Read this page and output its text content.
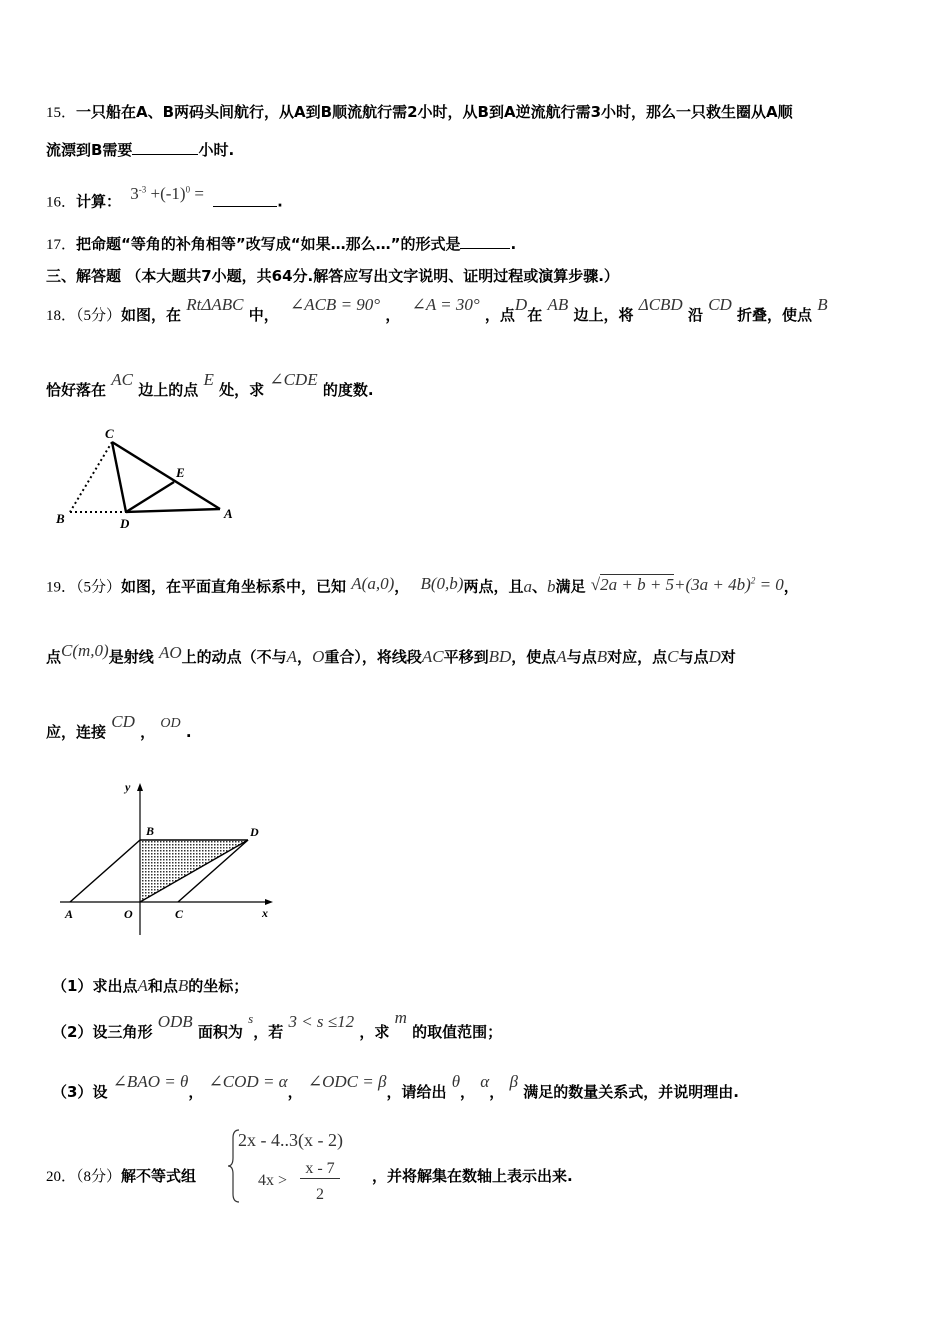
15．一只船在A、B两码头间航行，从A到B顺流航行需2小时，从B到A逆流航行需3小时，那么一只救生圈从A顺
流漂到B需要	小时.
16．计算： $3^{-3} +(-1)^0$ =	.
17．把命题“等角的补角相等”改写成“如果…那么…”的形式是	.
三、解答题 （本大题共7小题，共64分.解答应写出文字说明、证明过程或演算步骤.）
18．（5分）如图，在 RtΔABC 中， ∠ACB = 90° ， ∠A = 30° ，点D在 AB 边上，将 ΔCBD 沿 CD 折叠，使点 B
恰好落在 AC 边上的点 E 处，求 ∠CDE 的度数.
C
E
B	D
A
19．（5分）如图，在平面直角坐标系中，已知 A(a,0)， B(0,b)两点，且a、b满足 $√2a + b + 5+(3a + 4b)^2 = 0$，
点C(m,0)是射线 AO上的动点（不与A，O重合），将线段AC平移到BD，使点A与点B对应，点C与点D对
应，连接 CD ， OD .
y
x
B	D
A	O	C
（1）求出点A和点B的坐标；
（2）设三角形 ODB 面积为 s，若 3 < s ≤12 ，求 m 的取值范围；
（3）设 ∠BAO = θ， ∠COD = α， ∠ODC = β，请给出 θ， α， β 满足的数量关系式，并说明理由.
20．（8分）解不等式组
2x - 4..3(x - 2)
4x >
x - 7
2
，并将解集在数轴上表示出来.
